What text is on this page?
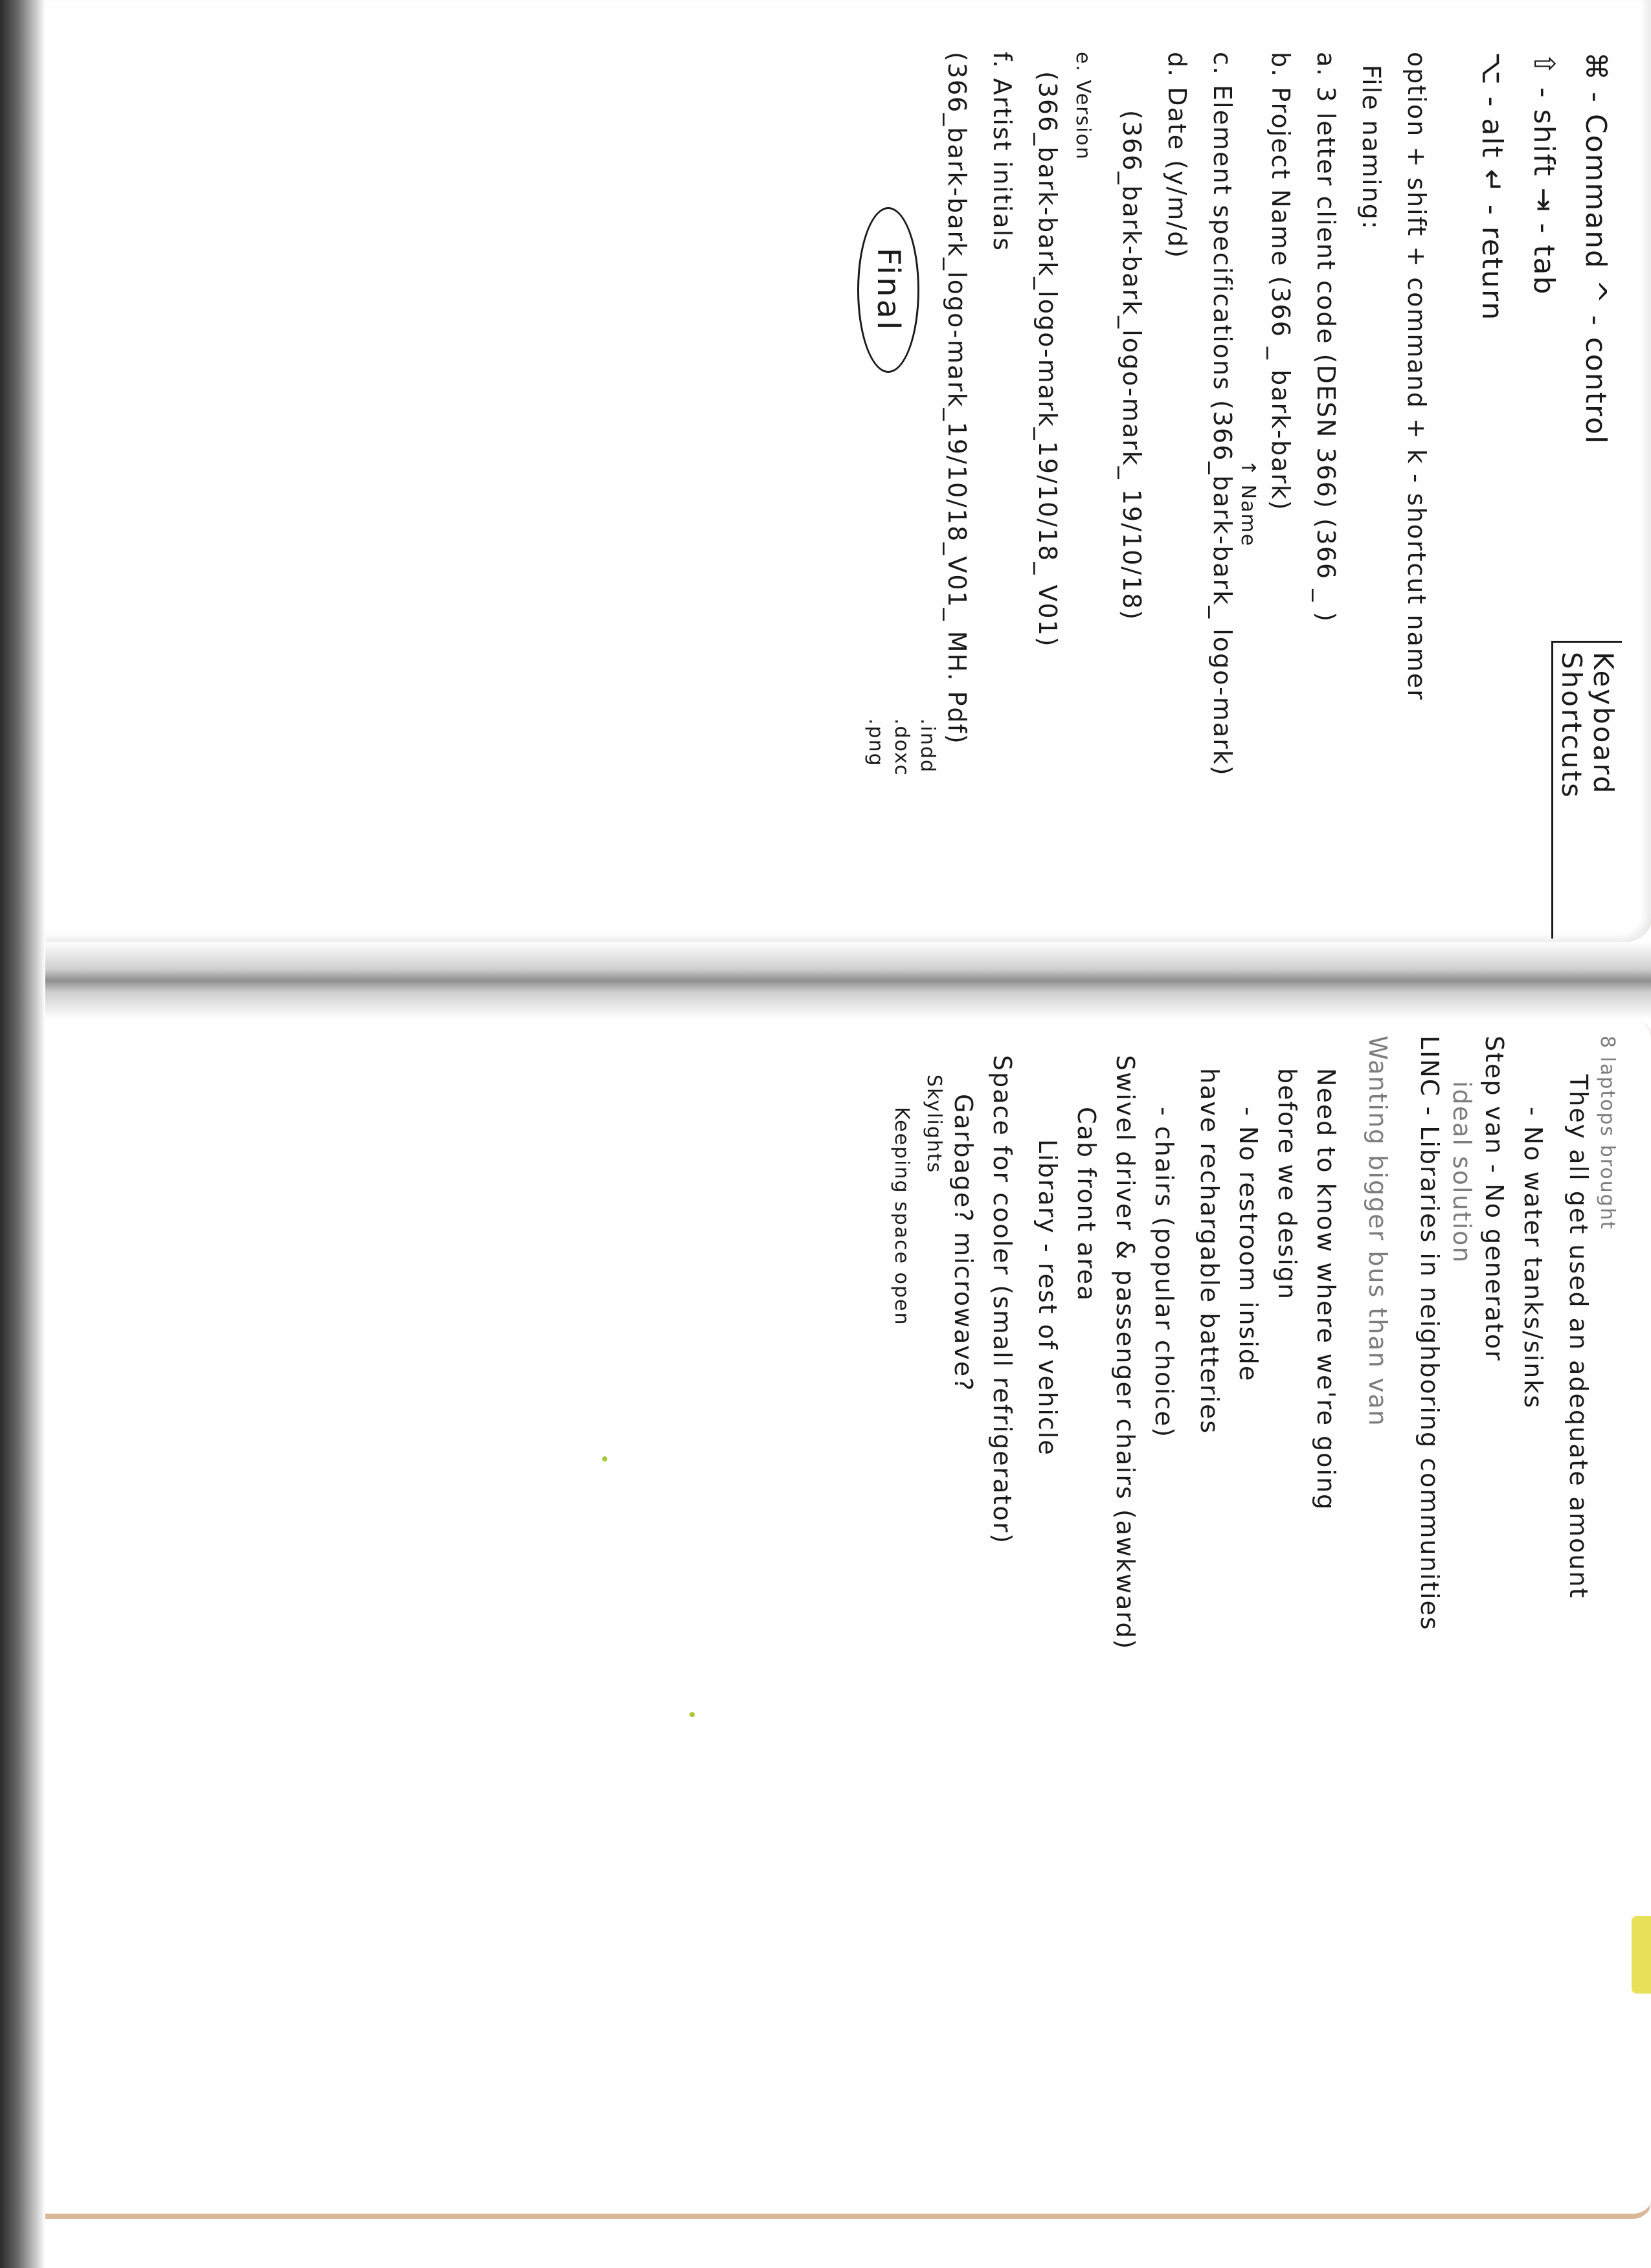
Keyboard Shortcuts
⌘ - Command ^ - control
⇧ - shift ⇥ - tab
⌥ - alt ↵ - return
option + shift + command + k - shortcut namer
File naming:
a. 3 letter client code (DESN 366) (366 _ )
b. Project Name (366 _ bark-bark)
↑ Name
c. Element specifications (366_bark-bark_ logo-mark)
d. Date (y/m/d)
(366_bark-bark_logo-mark_ 19/10/18)
e. Version
(366_bark-bark_logo-mark_19/10/18_ V01)
f. Artist initials
(366_bark-bark_logo-mark_19/10/18_V01_ MH. Pdf)
.indd
.doxc
.png
Final
8 laptops brought
They all get used an adequate amount
- No water tanks/sinks
Step van - No generator
ideal solution
LINC - Libraries in neighboring communities
Wanting bigger bus than van
Need to know where we're going
before we design
- No restroom inside
have rechargable batteries
- chairs (popular choice)
Swivel driver & passenger chairs (awkward)
Cab front area
Library - rest of vehicle
Space for cooler (small refrigerator)
Garbage? microwave?
Skylights
Keeping space open
